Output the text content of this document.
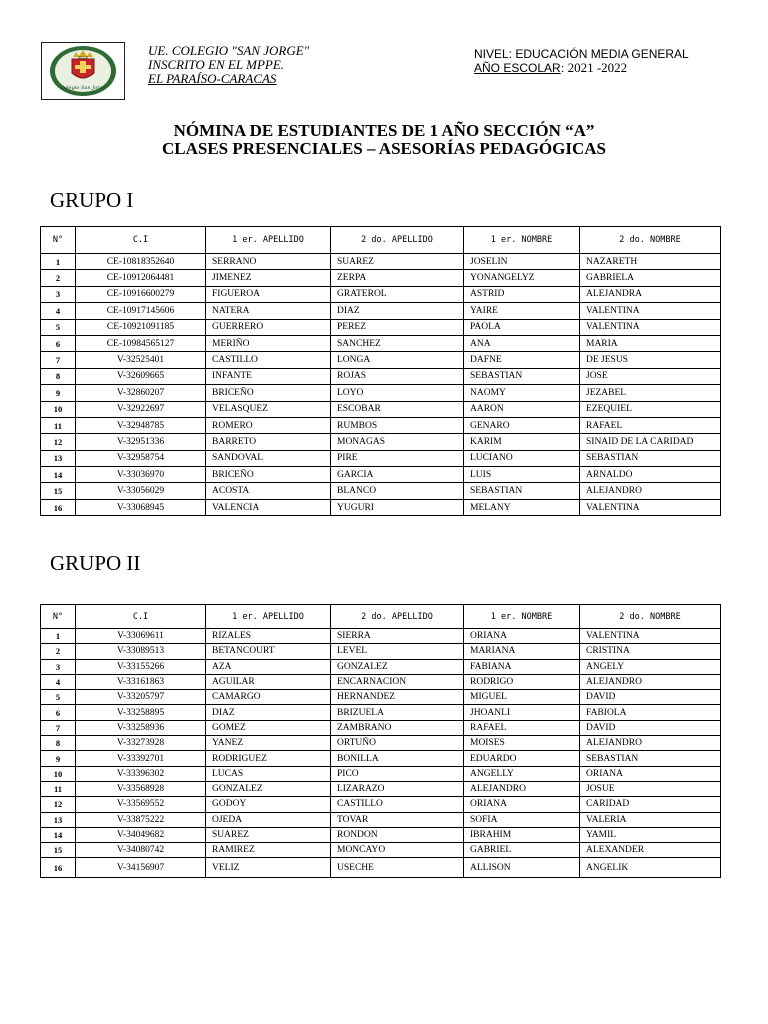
UECSJ
Colegio San Jorge
UE. COLEGIO "SAN JORGE"
INSCRITO EN EL MPPE.
EL PARAÍSO-CARACAS
NIVEL: EDUCACIÓN MEDIA GENERAL
AÑO ESCOLAR: 2021 -2022
NÓMINA DE ESTUDIANTES DE 1 AÑO SECCIÓN “A”
CLASES PRESENCIALES – ASESORÍAS PEDAGÓGICAS
GRUPO I
N°	C.I	1 er. APELLIDO	2 do. APELLIDO	1 er. NOMBRE	2 do. NOMBRE
1	CE-10818352640	SERRANO	SUAREZ	JOSELIN	NAZARETH
2	CE-10912064481	JIMENEZ	ZERPA	YONANGELYZ	GABRIELA
3	CE-10916600279	FIGUEROA	GRATEROL	ASTRID	ALEJANDRA
4	CE-10917145606	NATERA	DIAZ	YAIRE	VALENTINA
5	CE-10921091185	GUERRERO	PEREZ	PAOLA	VALENTINA
6	CE-10984565127	MERIÑO	SANCHEZ	ANA	MARIA
7	V-32525401	CASTILLO	LONGA	DAFNE	DE JESUS
8	V-32609665	INFANTE	ROJAS	SEBASTIAN	JOSE
9	V-32860207	BRICEÑO	LOYO	NAOMY	JEZABEL
10	V-32922697	VELASQUEZ	ESCOBAR	AARON	EZEQUIEL
11	V-32948785	ROMERO	RUMBOS	GENARO	RAFAEL
12	V-32951336	BARRETO	MONAGAS	KARIM	SINAID DE LA CARIDAD
13	V-32958754	SANDOVAL	PIRE	LUCIANO	SEBASTIAN
14	V-33036970	BRICEÑO	GARCIA	LUIS	ARNALDO
15	V-33056029	ACOSTA	BLANCO	SEBASTIAN	ALEJANDRO
16	V-33068945	VALENCIA	YUGURI	MELANY	VALENTINA
GRUPO II
N°	C.I	1 er. APELLIDO	2 do. APELLIDO	1 er. NOMBRE	2 do. NOMBRE
1	V-33069611	RIZALES	SIERRA	ORIANA	VALENTINA
2	V-33089513	BETANCOURT	LEVEL	MARIANA	CRISTINA
3	V-33155266	AZA	GONZALEZ	FABIANA	ANGELY
4	V-33161863	AGUILAR	ENCARNACION	RODRIGO	ALEJANDRO
5	V-33205797	CAMARGO	HERNANDEZ	MIGUEL	DAVID
6	V-33258895	DIAZ	BRIZUELA	JHOANLI	FABIOLA
7	V-33258936	GOMEZ	ZAMBRANO	RAFAEL	DAVID
8	V-33273928	YANEZ	ORTUÑO	MOISES	ALEJANDRO
9	V-33392701	RODRIGUEZ	BONILLA	EDUARDO	SEBASTIAN
10	V-33396302	LUCAS	PICO	ANGELLY	ORIANA
11	V-33568928	GONZALEZ	LIZARAZO	ALEJANDRO	JOSUE
12	V-33569552	GODOY	CASTILLO	ORIANA	CARIDAD
13	V-33875222	OJEDA	TOVAR	SOFIA	VALERIA
14	V-34049682	SUAREZ	RONDON	IBRAHIM	YAMIL
15	V-34080742	RAMIREZ	MONCAYO	GABRIEL	ALEXANDER
16	V-34156907	VELIZ	USECHE	ALLISON	ANGELIK
